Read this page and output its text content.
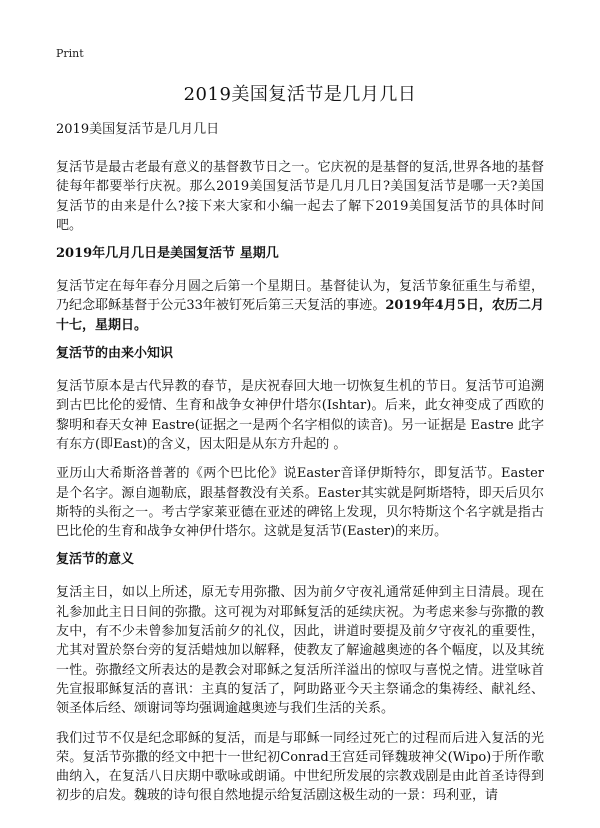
Print
2019美国复活节是几月几日
2019美国复活节是几月几日

复活节是最古老最有意义的基督教节日之一。它庆祝的是基督的复活,世界各地的基督徒每年都要举行庆祝。那么2019美国复活节是几月几日?美国复活节是哪一天?美国复活节的由来是什么?接下来大家和小编一起去了解下2019美国复活节的具体时间吧。

2019年几月几日是美国复活节 星期几

复活节定在每年春分月圆之后第一个星期日。基督徒认为，复活节象征重生与希望，乃纪念耶稣基督于公元33年被钉死后第三天复活的事迹。2019年4月5日，农历二月十七，星期日。

复活节的由来小知识

复活节原本是古代异教的春节，是庆祝春回大地一切恢复生机的节日。复活节可追溯到古巴比伦的爱情、生育和战争女神伊什塔尔(Ishtar)。后来，此女神变成了西欧的黎明和春天女神 Eastre(证据之一是两个名字相似的读音)。另一证据是 Eastre 此字有东方(即East)的含义，因太阳是从东方升起的 。

亚历山大希斯洛普著的《两个巴比伦》说Easter音译伊斯特尔，即复活节。Easter是个名字。源自迦勒底，跟基督教没有关系。Easter其实就是阿斯塔特，即天后贝尔斯特的头衔之一。考古学家莱亚德在亚述的碑铭上发现，贝尔特斯这个名字就是指古巴比伦的生育和战争女神伊什塔尔。这就是复活节(Easter)的来历。

复活节的意义

复活主日，如以上所述，原无专用弥撒、因为前夕守夜礼通常延伸到主日清晨。现在礼参加此主日日间的弥撒。这可视为对耶稣复活的延续庆祝。为考虑来参与弥撒的教友中，有不少未曾参加复活前夕的礼仪，因此，讲道时要提及前夕守夜礼的重要性，尤其对置於祭台旁的复活蜡烛加以解释，使教友了解逾越奥迹的各个幅度，以及其统一性。弥撒经文所表达的是教会对耶稣之复活所洋溢出的惊叹与喜悦之情。进堂咏首先宣报耶稣复活的喜讯：主真的复活了，阿助路亚今天主祭诵念的集祷经、献礼经、领圣体后经、颂谢词等均强调逾越奥迹与我们生活的关系。

我们过节不仅是纪念耶稣的复活，而是与耶稣一同经过死亡的过程而后进入复活的光荣。复活节弥撒的经文中把十一世纪初Conrad王宫廷司铎魏玻神父(Wipo)于所作歌曲纳入，在复活八日庆期中歌咏或朗诵。中世纪所发展的宗教戏剧是由此首圣诗得到初步的启发。魏玻的诗句很自然地提示给复活剧这极生动的一景：玛利亚，请
